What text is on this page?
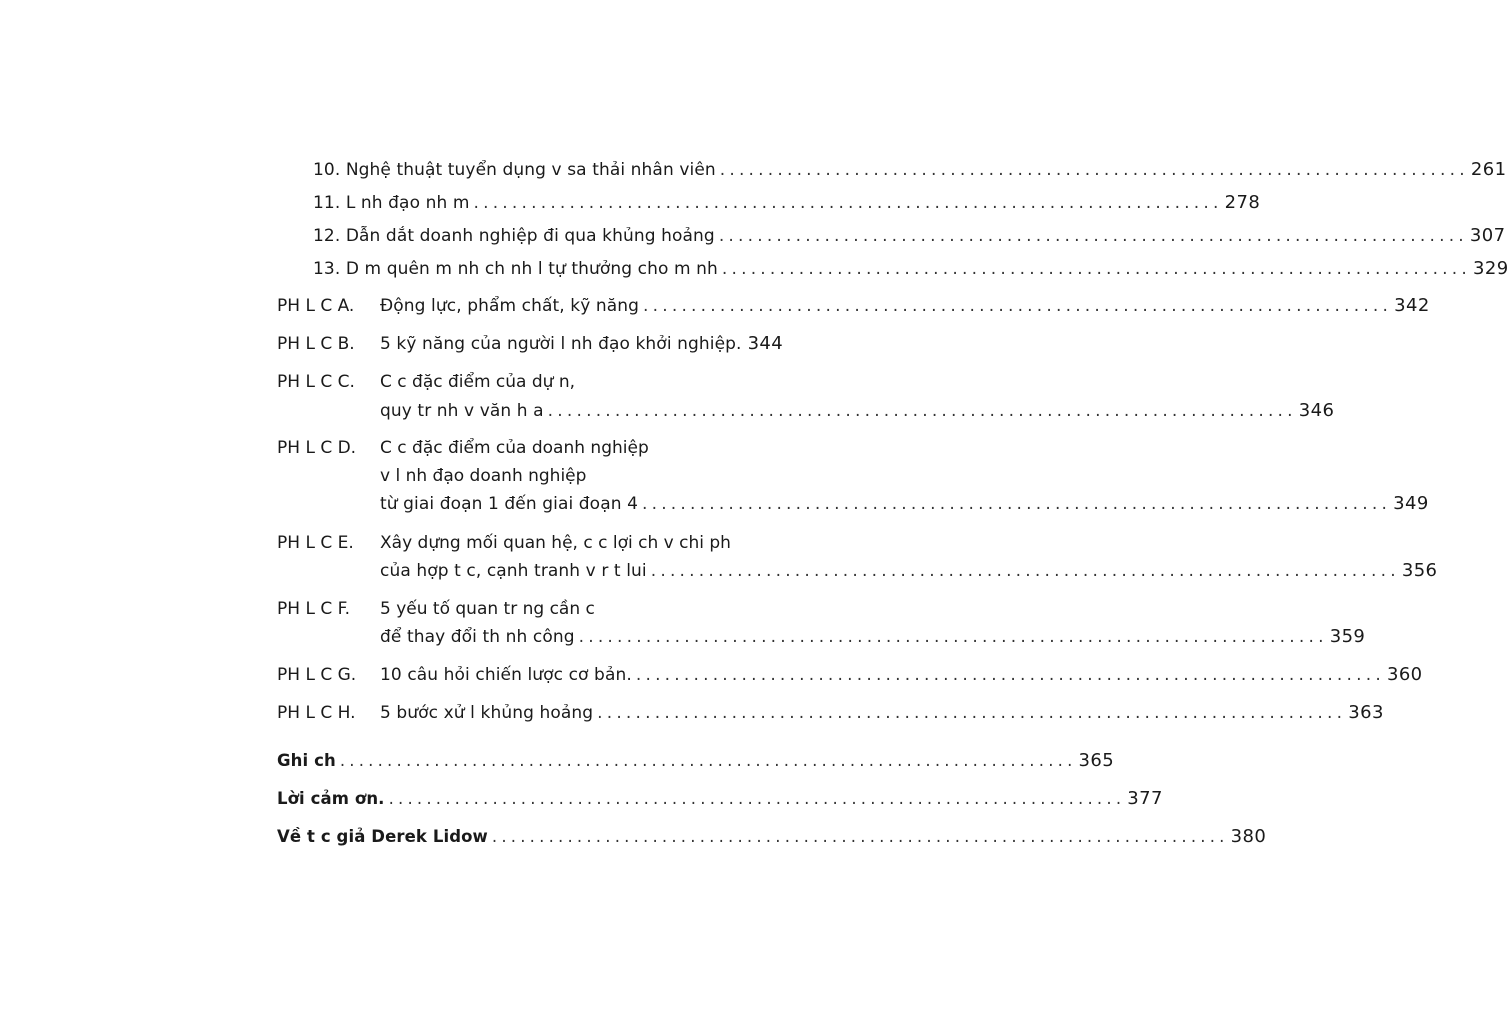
10. Nghệ thuật tuyển dụng v sa thải nhân viên .............................................................................. 261
11. L nh đạo nh m .............................................................................. 278
12. Dẫn dắt doanh nghiệp đi qua khủng hoảng .............................................................................. 307
13. D m quên m nh ch nh l tự thưởng cho m nh .............................................................................. 329
PH L C A. Động lực, phẩm chất, kỹ năng .............................................................................. 342
PH L C B. 5 kỹ năng của người l nh đạo khởi nghiệp. 344
PH L C C. C c đặc điểm của dự n,
quy tr nh v văn h a .............................................................................. 346
PH L C D. C c đặc điểm của doanh nghiệp
v l nh đạo doanh nghiệp
từ giai đoạn 1 đến giai đoạn 4 .............................................................................. 349
PH L C E. Xây dựng mối quan hệ, c c lợi ch v chi ph
của hợp t c, cạnh tranh v r t lui .............................................................................. 356
PH L C F. 5 yếu tố quan tr ng cần c
để thay đổi th nh công .............................................................................. 359
PH L C G. 10 câu hỏi chiến lược cơ bản. .............................................................................. 360
PH L C H. 5 bước xử l khủng hoảng .............................................................................. 363
Ghi ch .............................................................................. 365
Lời cảm ơn. .............................................................................. 377
Về t c giả Derek Lidow .............................................................................. 380
